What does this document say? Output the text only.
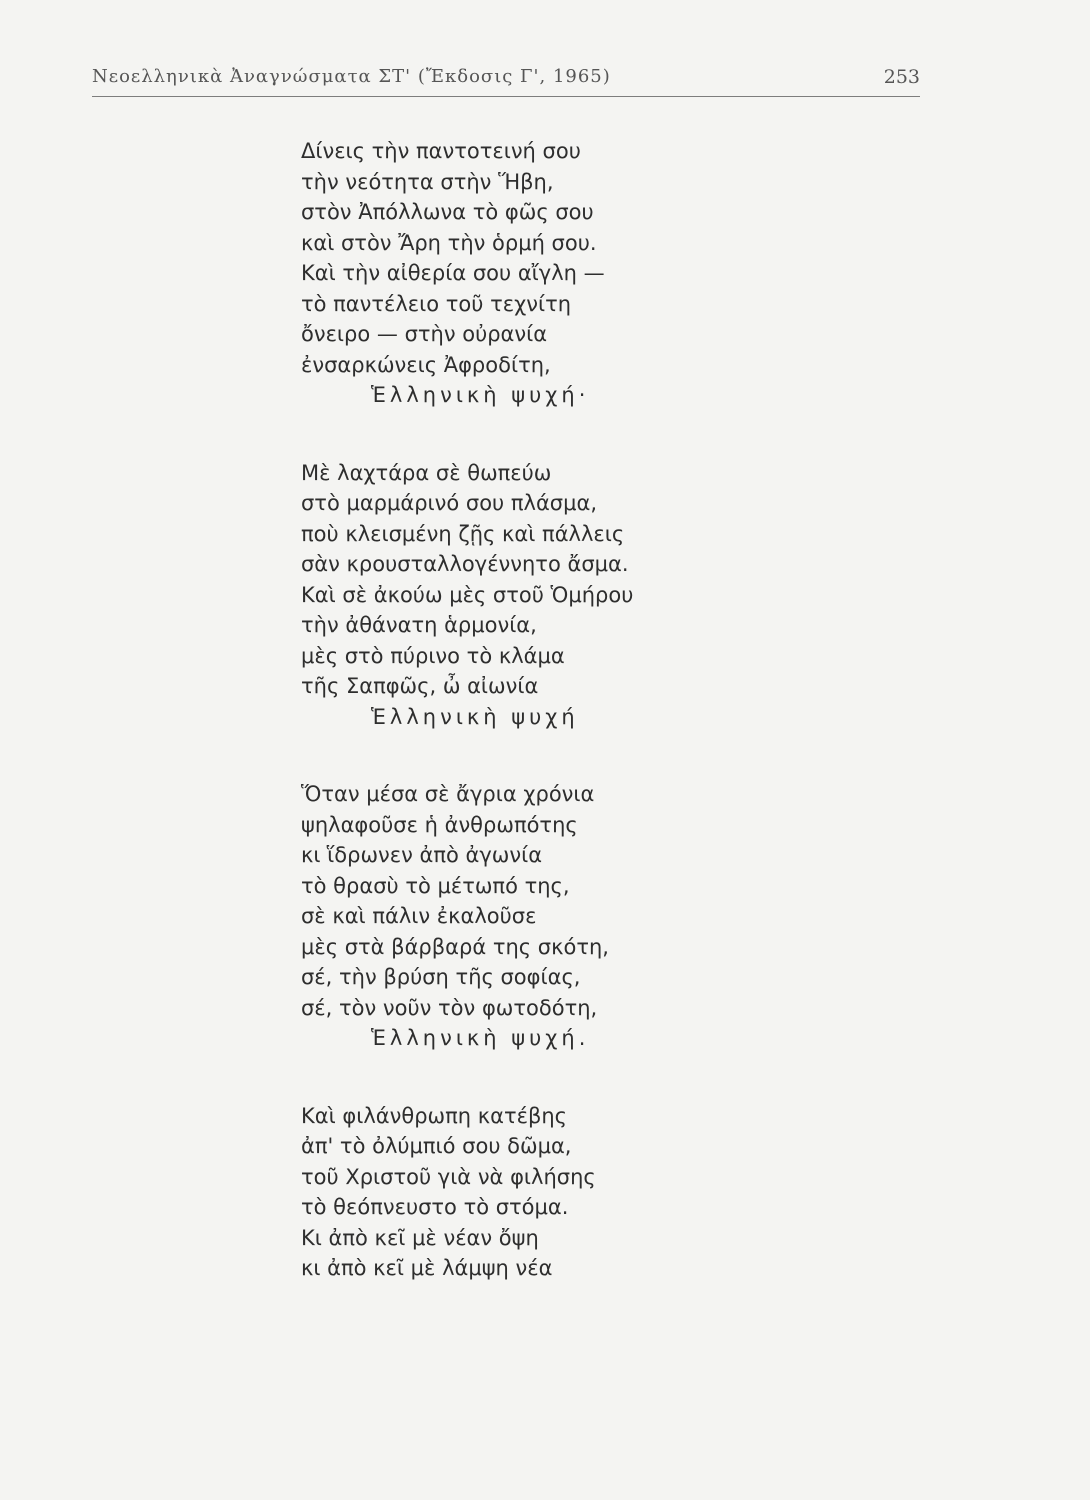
Νεοελληνικὰ Ἀναγνώσματα ΣΤ' (Ἔκδοσις Γ', 1965)	253
Δίνεις τὴν παντοτεινή σου
τὴν νεότητα στὴν Ἥβη,
στὸν Ἀπόλλωνα τὸ φῶς σου
καὶ στὸν Ἄρη τὴν ὁρμή σου.
Καὶ τὴν αἰθερία σου αἴγλη —
τὸ παντέλειο τοῦ τεχνίτη
ὄνειρο — στὴν οὐρανία
ἐνσαρκώνεις Ἀφροδίτη,
Ἑλληνικὴ ψυχή·
Μὲ λαχτάρα σὲ θωπεύω
στὸ μαρμάρινό σου πλάσμα,
ποὺ κλεισμένη ζῇς καὶ πάλλεις
σὰν κρουσταλλογέννητο ἄσμα.
Καὶ σὲ ἀκούω μὲς στοῦ Ὁμήρου
τὴν ἀθάνατη ἁρμονία,
μὲς στὸ πύρινο τὸ κλάμα
τῆς Σαπφῶς, ὦ αἰωνία
Ἑλληνικὴ ψυχή
Ὅταν μέσα σὲ ἄγρια χρόνια
ψηλαφοῦσε ἡ ἀνθρωπότης
κι ἵδρωνεν ἀπὸ ἀγωνία
τὸ θρασὺ τὸ μέτωπό της,
σὲ καὶ πάλιν ἐκαλοῦσε
μὲς στὰ βάρβαρά της σκότη,
σέ, τὴν βρύση τῆς σοφίας,
σέ, τὸν νοῦν τὸν φωτοδότη,
Ἑλληνικὴ ψυχή.
Καὶ φιλάνθρωπη κατέβης
ἀπ' τὸ ὀλύμπιό σου δῶμα,
τοῦ Χριστοῦ γιὰ νὰ φιλήσης
τὸ θεόπνευστο τὸ στόμα.
Κι ἀπὸ κεῖ μὲ νέαν ὄψη
κι ἀπὸ κεῖ μὲ λάμψη νέα
